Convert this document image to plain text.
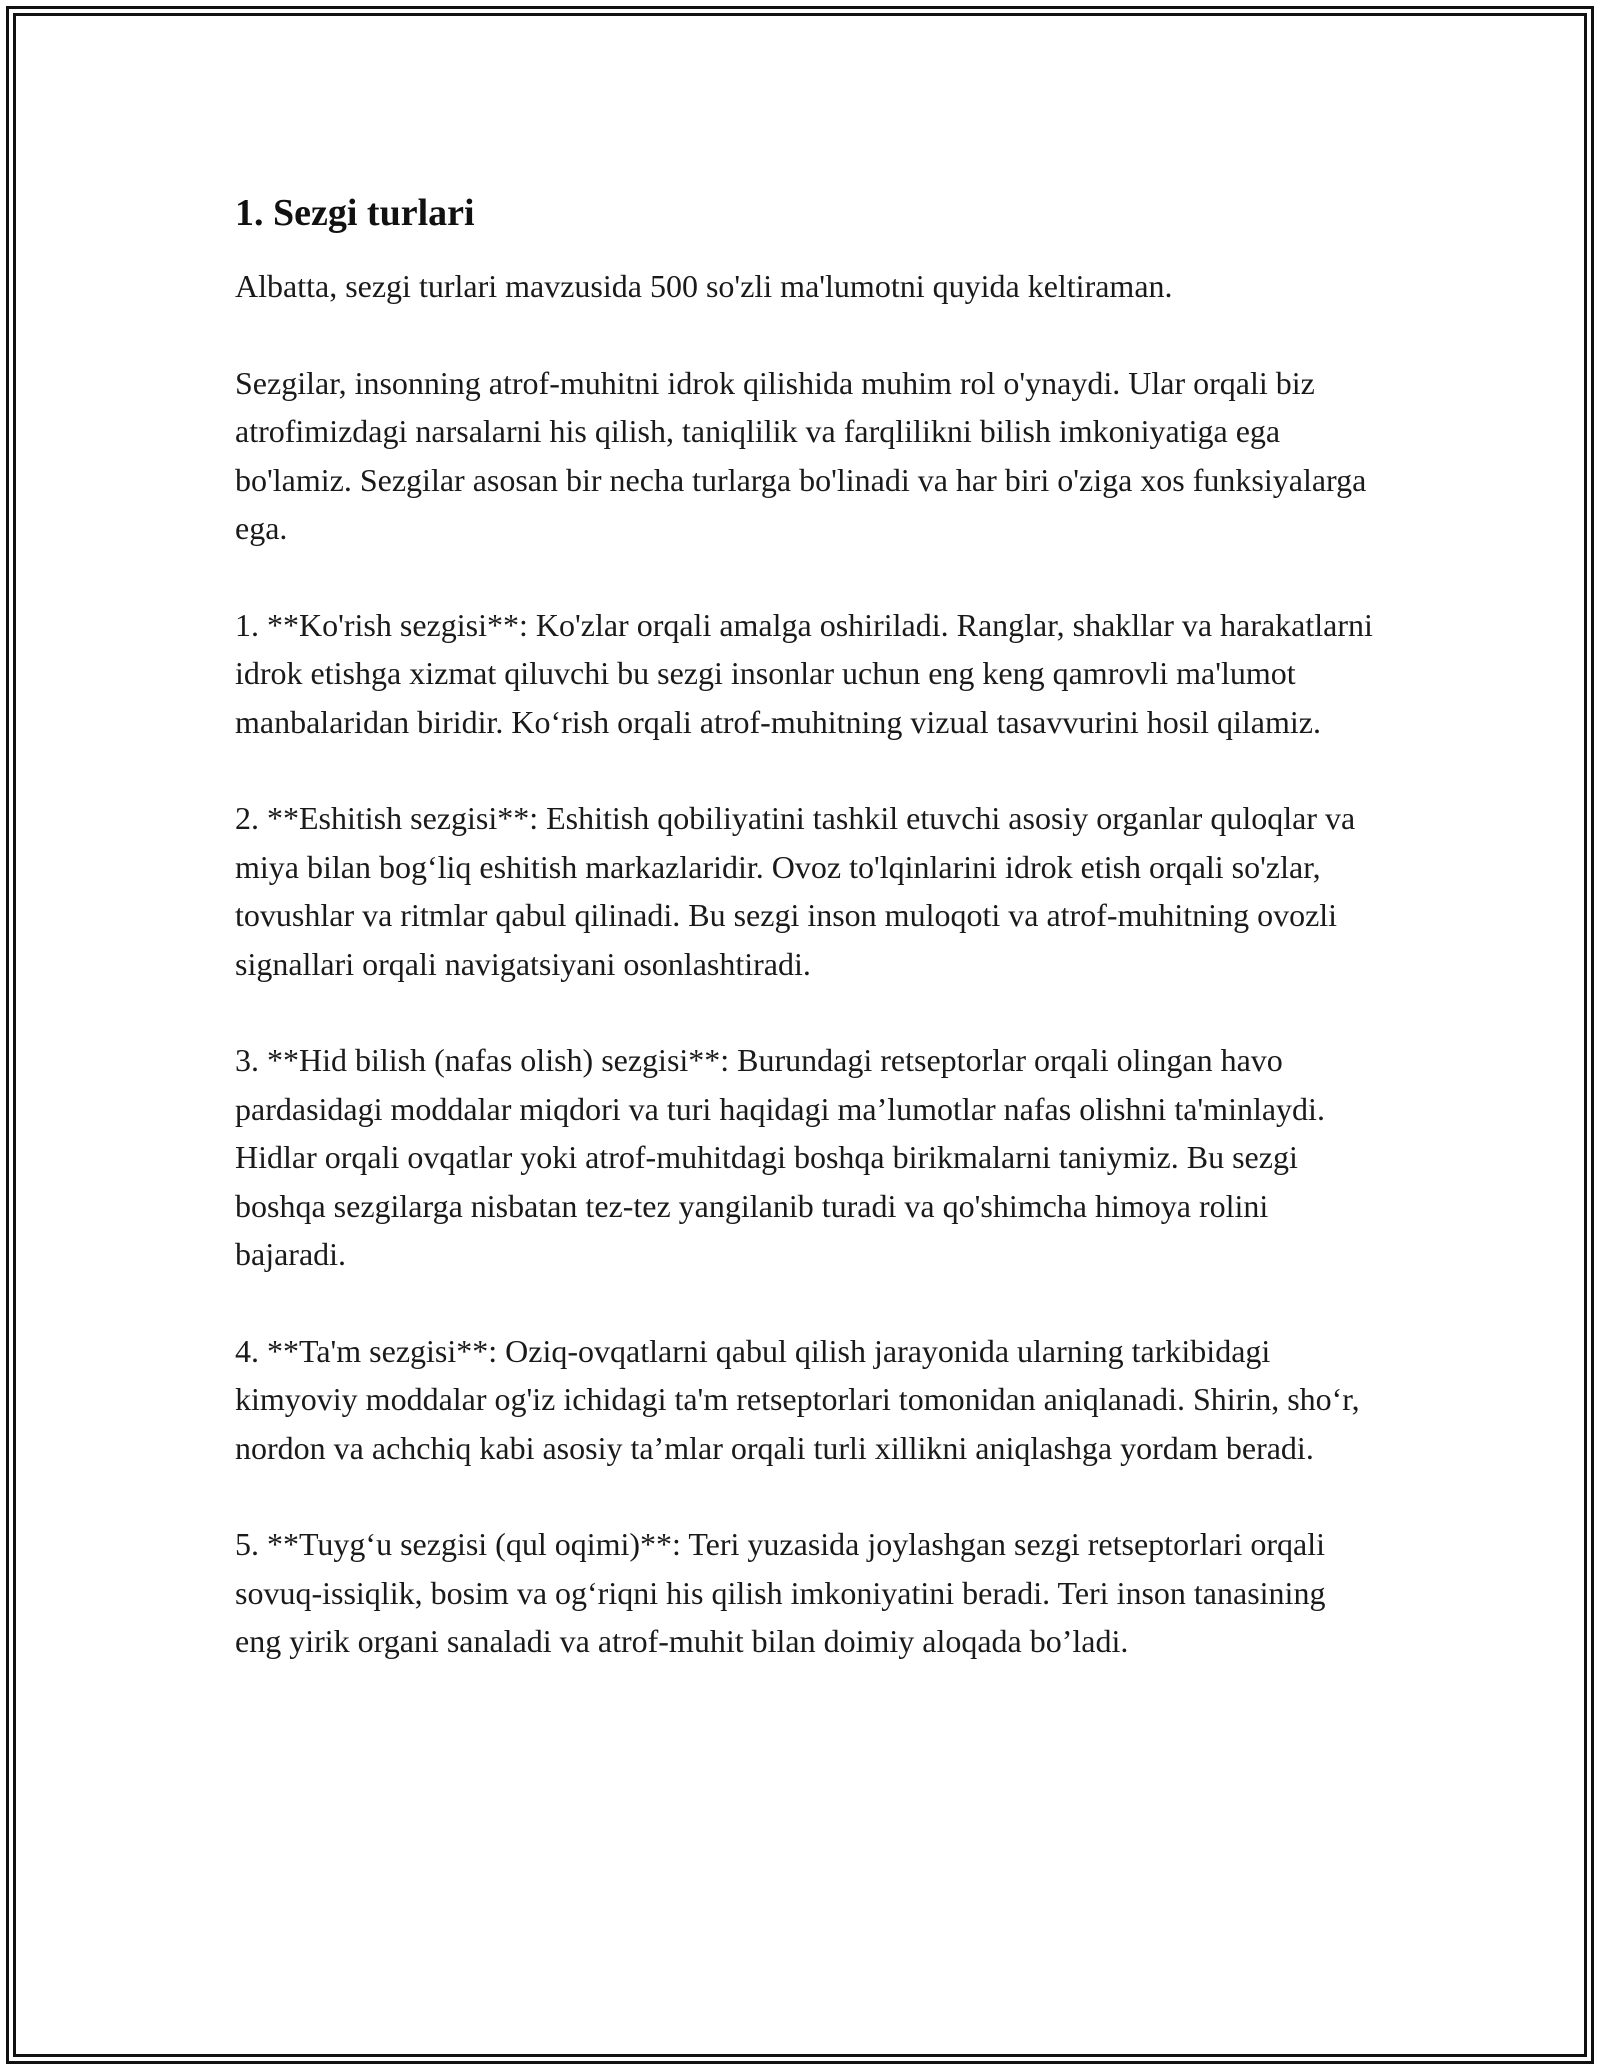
1. Sezgi turlari

Albatta, sezgi turlari mavzusida 500 so'zli ma'lumotni quyida keltiraman.

Sezgilar, insonning atrof-muhitni idrok qilishida muhim rol o'ynaydi. Ular orqali biz atrofimizdagi narsalarni his qilish, taniqlilik va farqlilikni bilish imkoniyatiga ega bo'lamiz. Sezgilar asosan bir necha turlarga bo'linadi va har biri o'ziga xos funksiyalarga ega.

1. **Ko'rish sezgisi**: Ko'zlar orqali amalga oshiriladi. Ranglar, shakllar va harakatlarni idrok etishga xizmat qiluvchi bu sezgi insonlar uchun eng keng qamrovli ma'lumot manbalaridan biridir. Ko‘rish orqali atrof-muhitning vizual tasavvurini hosil qilamiz.

2. **Eshitish sezgisi**: Eshitish qobiliyatini tashkil etuvchi asosiy organlar quloqlar va miya bilan bog‘liq eshitish markazlaridir. Ovoz to'lqinlarini idrok etish orqali so'zlar, tovushlar va ritmlar qabul qilinadi. Bu sezgi inson muloqoti va atrof-muhitning ovozli signallari orqali navigatsiyani osonlashtiradi.

3. **Hid bilish (nafas olish) sezgisi**: Burundagi retseptorlar orqali olingan havo pardasidagi moddalar miqdori va turi haqidagi ma’lumotlar nafas olishni ta'minlaydi. Hidlar orqali ovqatlar yoki atrof-muhitdagi boshqa birikmalarni taniymiz. Bu sezgi boshqa sezgilarga nisbatan tez-tez yangilanib turadi va qo'shimcha himoya rolini bajaradi.

4. **Ta'm sezgisi**: Oziq-ovqatlarni qabul qilish jarayonida ularning tarkibidagi kimyoviy moddalar og'iz ichidagi ta'm retseptorlari tomonidan aniqlanadi. Shirin, sho‘r, nordon va achchiq kabi asosiy ta’mlar orqali turli xillikni aniqlashga yordam beradi.

5. **Tuyg‘u sezgisi (qul oqimi)**: Teri yuzasida joylashgan sezgi retseptorlari orqali sovuq-issiqlik, bosim va og‘riqni his qilish imkoniyatini beradi. Teri inson tanasining eng yirik organi sanaladi va atrof-muhit bilan doimiy aloqada bo’ladi.
